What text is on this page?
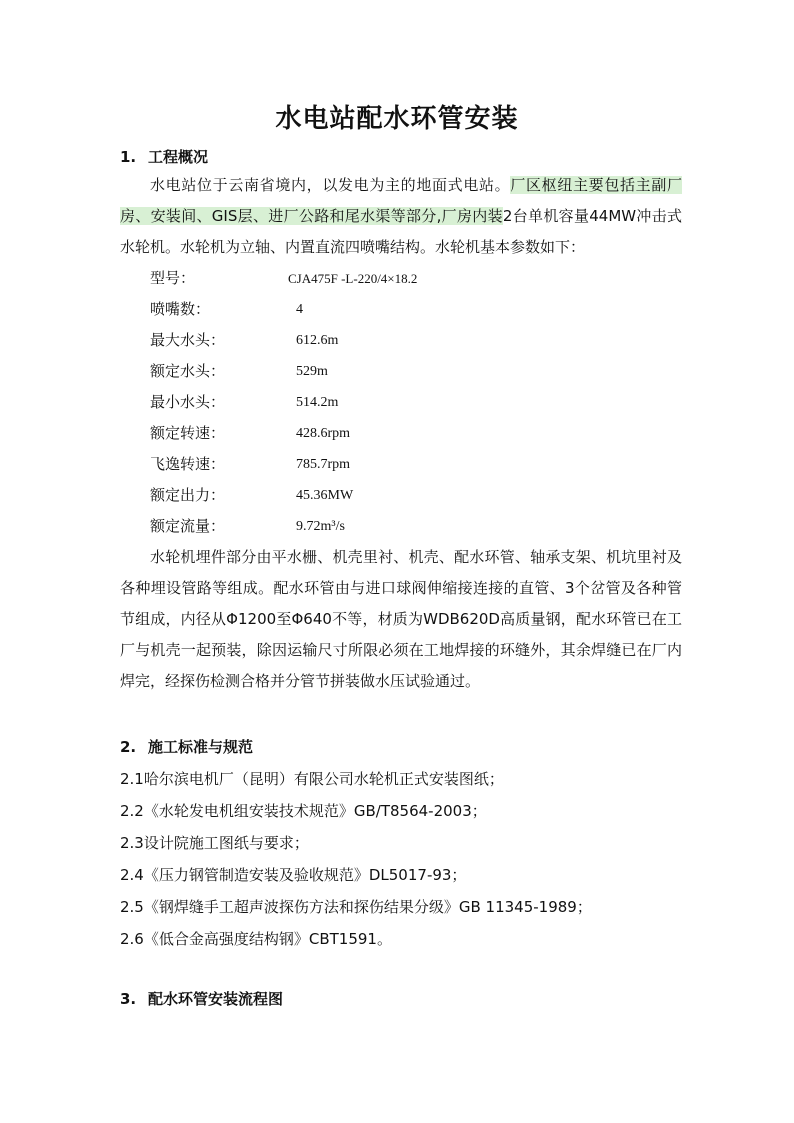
水电站配水环管安装
1. 工程概况
水电站位于云南省境内，以发电为主的地面式电站。厂区枢纽主要包括主副厂房、安装间、GIS层、进厂公路和尾水渠等部分,厂房内装2台单机容量44MW冲击式水轮机。水轮机为立轴、内置直流四喷嘴结构。水轮机基本参数如下：
型号：	CJA475F -L-220/4×18.2
喷嘴数：	4
最大水头：	612.6m
额定水头：	529m
最小水头：	514.2m
额定转速：	428.6rpm
飞逸转速：	785.7rpm
额定出力：	45.36MW
额定流量：	9.72m³/s
水轮机埋件部分由平水栅、机壳里衬、机壳、配水环管、轴承支架、机坑里衬及各种埋设管路等组成。配水环管由与进口球阀伸缩接连接的直管、3个岔管及各种管节组成，内径从Φ1200至Φ640不等，材质为WDB620D高质量钢，配水环管已在工厂与机壳一起预装，除因运输尺寸所限必须在工地焊接的环缝外，其余焊缝已在厂内焊完，经探伤检测合格并分管节拼装做水压试验通过。
2. 施工标准与规范
2.1哈尔滨电机厂（昆明）有限公司水轮机正式安装图纸；
2.2《水轮发电机组安装技术规范》GB/T8564-2003；
2.3设计院施工图纸与要求；
2.4《压力钢管制造安装及验收规范》DL5017-93；
2.5《钢焊缝手工超声波探伤方法和探伤结果分级》GB 11345-1989；
2.6《低合金高强度结构钢》CBT1591。
3. 配水环管安装流程图
